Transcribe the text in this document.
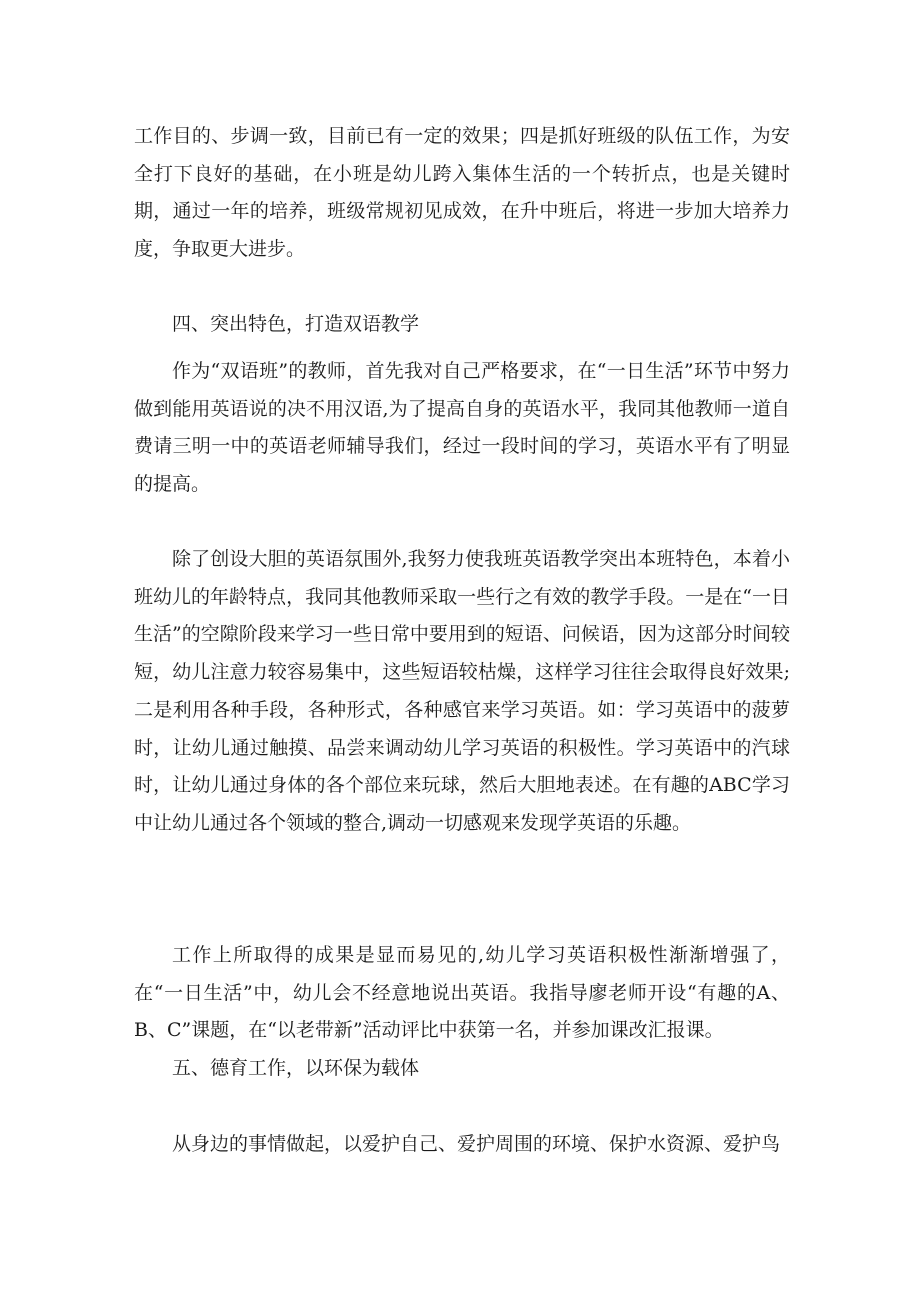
工作目的、步调一致，目前已有一定的效果；四是抓好班级的队伍工作，为安全打下良好的基础，在小班是幼儿跨入集体生活的一个转折点，也是关键时期，通过一年的培养，班级常规初见成效，在升中班后，将进一步加大培养力度，争取更大进步。

四、突出特色，打造双语教学

作为“双语班”的教师，首先我对自己严格要求，在“一日生活”环节中努力做到能用英语说的决不用汉语,为了提高自身的英语水平，我同其他教师一道自费请三明一中的英语老师辅导我们，经过一段时间的学习，英语水平有了明显的提高。

除了创设大胆的英语氛围外,我努力使我班英语教学突出本班特色，本着小班幼儿的年龄特点，我同其他教师采取一些行之有效的教学手段。一是在“一日生活”的空隙阶段来学习一些日常中要用到的短语、问候语，因为这部分时间较短，幼儿注意力较容易集中，这些短语较枯燥，这样学习往往会取得良好效果;二是利用各种手段，各种形式，各种感官来学习英语。如：学习英语中的菠萝时，让幼儿通过触摸、品尝来调动幼儿学习英语的积极性。学习英语中的汽球时，让幼儿通过身体的各个部位来玩球，然后大胆地表述。在有趣的ABC学习中让幼儿通过各个领域的整合,调动一切感观来发现学英语的乐趣。

工作上所取得的成果是显而易见的,幼儿学习英语积极性渐渐增强了，在“一日生活”中，幼儿会不经意地说出英语。我指导廖老师开设“有趣的A、B、C”课题，在“以老带新”活动评比中获第一名，并参加课改汇报课。

五、德育工作，以环保为载体

从身边的事情做起，以爱护自己、爱护周围的环境、保护水资源、爱护鸟
